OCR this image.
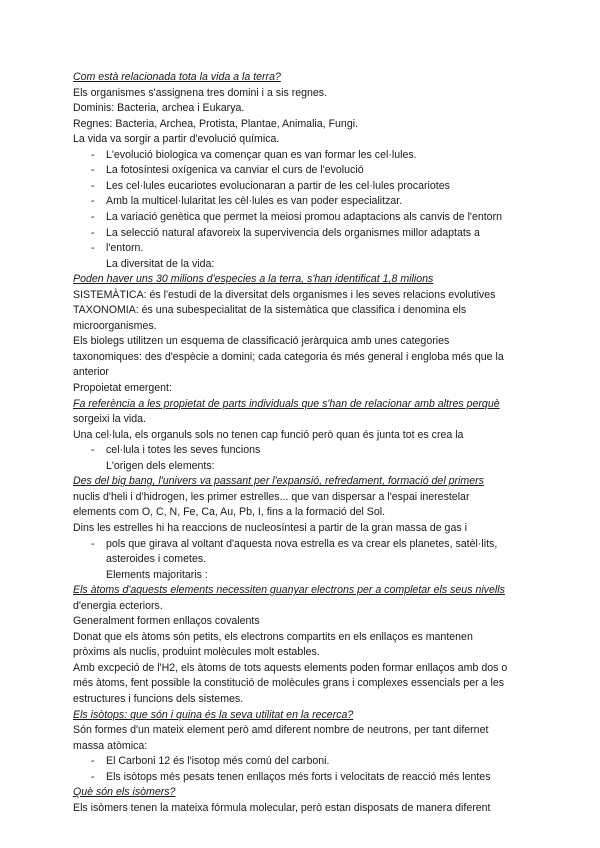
Com està relacionada tota la vida a la terra?
Els organismes s'assignena tres domini i a sis regnes.
Dominis: Bacteria, archea i Eukarya.
Regnes: Bacteria, Archea, Protista, Plantae, Animalia, Fungi.
La vida va sorgir a partir d'evolució química.
L'evolució biologica va començar quan es van formar les cel·lules.
-
La fotosíntesi oxígenica va canviar el curs de l'evolució
-
Les cel·lules eucariotes evolucionaran a partir de les cel·lules procariotes
-
Amb la multicel·lularitat les cèl·lules es van poder especialitzar.
-
La variació genètica que permet la meiosi promou adaptacions als canvis de l'entorn
-
La selecció natural afavoreix la supervivencia dels organismes millor adaptats a
-
l'entorn.
-
La diversitat de la vida:
Poden haver uns 30 milions d'especies a la terra, s'han identificat 1,8 milions
SISTEMÀTICA: és l'estudi de la diversitat dels organismes i les seves relacions evolutives
TAXONOMIA: és una subespecialitat de la sistemàtica que classifica i denomina els
microorganismes.
Els biolegs utilitzen un esquema de classificació jeràrquica amb unes categories
taxonomiques: des d'espècie a domini; cada categoria és més general i engloba més que la
anterior
Propoietat emergent:
Fa referència a les propietat de parts individuals que s'han de relacionar amb altres perquè
sorgeixi la vida.
Una cel·lula, els organuls sols no tenen cap funció però quan és junta tot es crea la
cel·lula i totes les seves funcions
-
L'origen dels elements:
Des del big bang, l'univers va passant per l'expansió, refredament, formació del primers
nuclis d'heli i d'hidrogen, les primer estrelles... que van dispersar a l'espai inerestelar
elements com O, C, N, Fe, Ca, Au, Pb, I, fins a la formació del Sol.
Dins les estrelles hi ha reaccions de nucleosíntesi a partir de la gran massa de gas i
pols que girava al voltant d'aquesta nova estrella es va crear els planetes, satèl·lits,
-
asteroides i cometes.
Elements majoritaris :
Els àtoms d'aquests elements necessiten guanyar electrons per a completar els seus nivells
d'energia ecteriors.
Generalment formen enllaços covalents
Donat que els àtoms són petits, els electrons compartits en els enllaços es mantenen
pròxims als nuclis, produint molècules molt estables.
Amb excpeció de l'H2, els àtoms de tots aquests elements poden formar enllaços amb dos o
més àtoms, fent possible la constitució de molècules grans i complexes essencials per a les
estructures i funcions dels sistemes.
Els isòtops: que són i quina és la seva utilitat en la recerca?
Són formes d'un mateix element però amd diferent nombre de neutrons, per tant difernet
massa atòmica:
El Carboni 12 és l'isotop més comú del carboni.
-
Els isòtops més pesats tenen enllaços més forts i velocitats de reacció més lentes
-
Què són els isòmers?
Els isòmers tenen la mateixa fórmula molecular, però estan disposats de manera diferent
